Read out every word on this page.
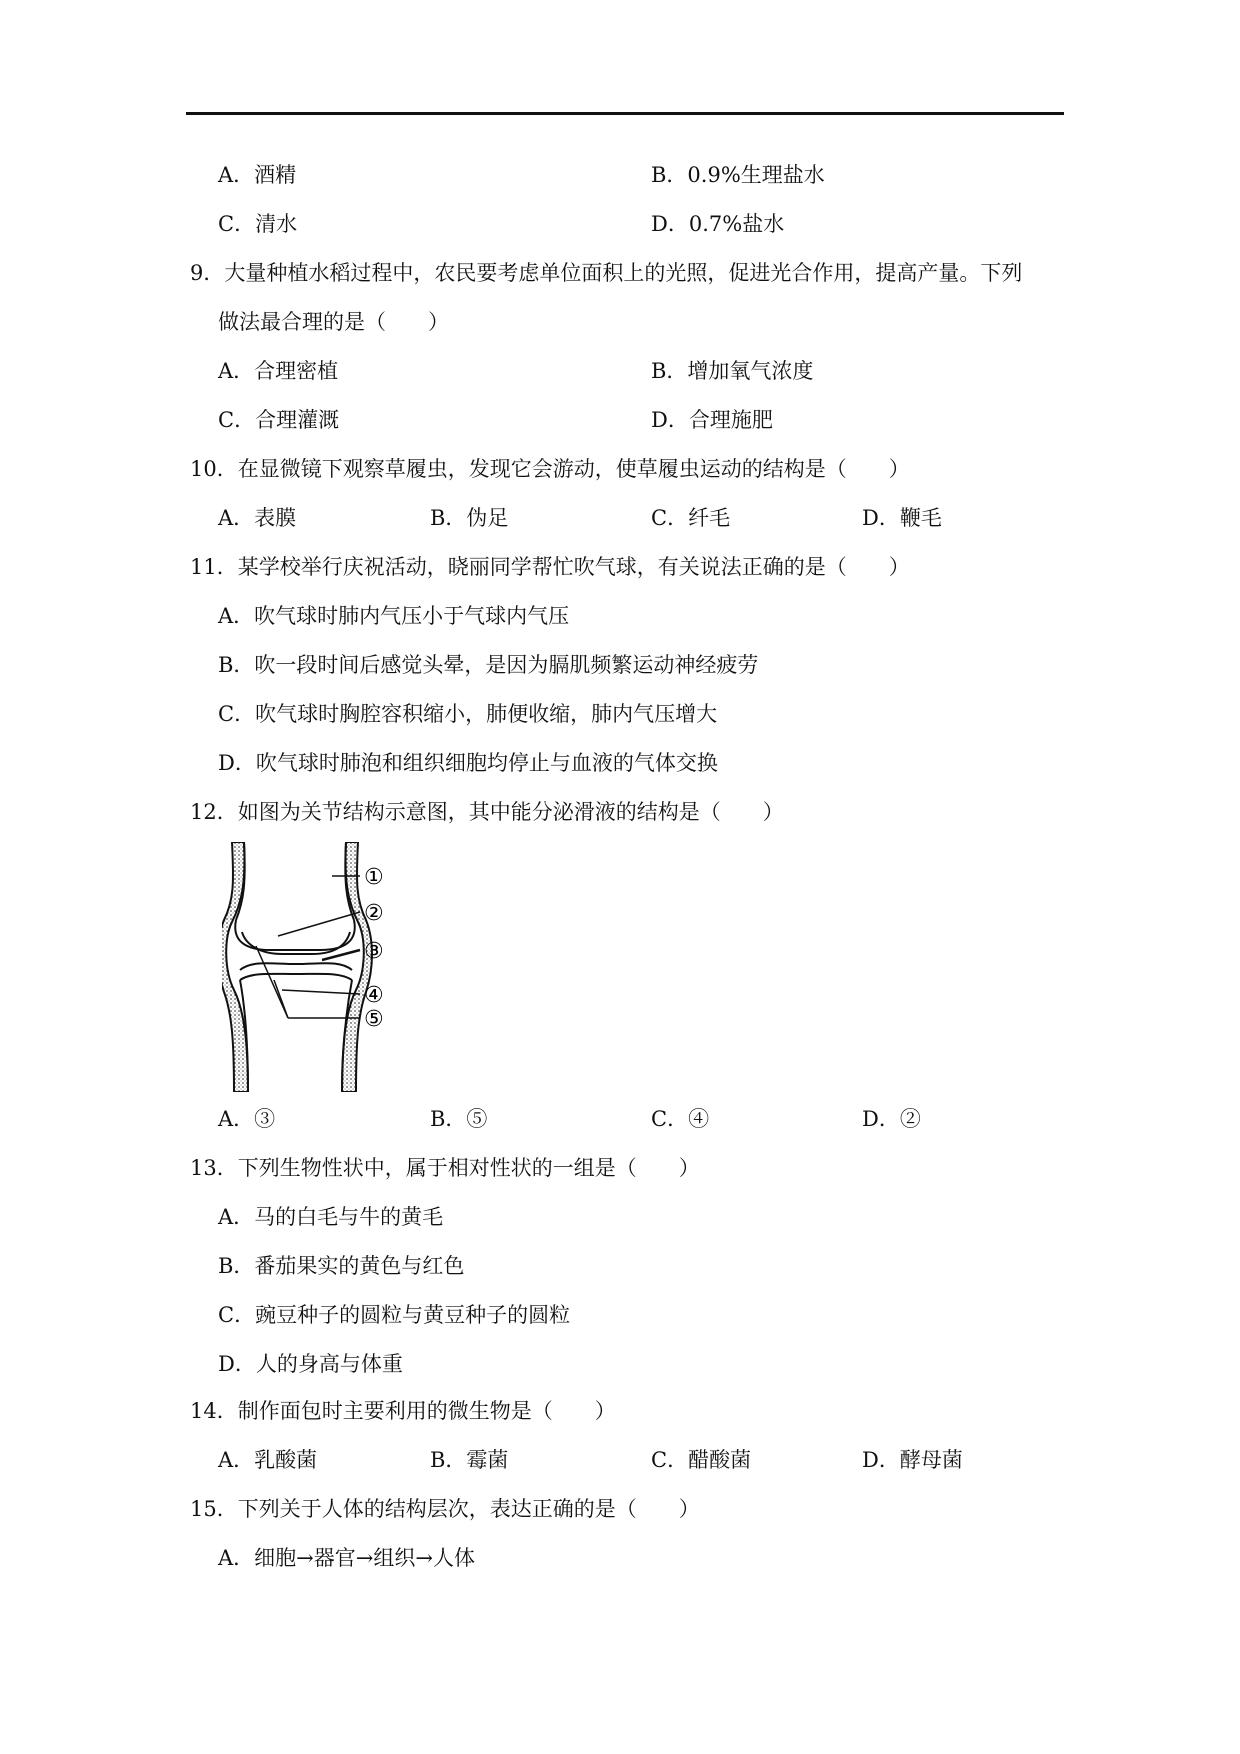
A．酒精	B．0.9%生理盐水
C．清水	D．0.7%盐水
9．大量种植水稻过程中，农民要考虑单位面积上的光照，促进光合作用，提高产量。下列
做法最合理的是（　　）
A．合理密植	B．增加氧气浓度
C．合理灌溉	D．合理施肥
10．在显微镜下观察草履虫，发现它会游动，使草履虫运动的结构是（　　）
A．表膜	B．伪足	C．纤毛	D．鞭毛
11．某学校举行庆祝活动，晓丽同学帮忙吹气球，有关说法正确的是（　　）
A．吹气球时肺内气压小于气球内气压
B．吹一段时间后感觉头晕，是因为膈肌频繁运动神经疲劳
C．吹气球时胸腔容积缩小，肺便收缩，肺内气压增大
D．吹气球时肺泡和组织细胞均停止与血液的气体交换
12．如图为关节结构示意图，其中能分泌滑液的结构是（　　）
①
②
③
④
⑤
A．③	B．⑤	C．④	D．②
13．下列生物性状中，属于相对性状的一组是（　　）
A．马的白毛与牛的黄毛
B．番茄果实的黄色与红色
C．豌豆种子的圆粒与黄豆种子的圆粒
D．人的身高与体重
14．制作面包时主要利用的微生物是（　　）
A．乳酸菌	B．霉菌	C．醋酸菌	D．酵母菌
15．下列关于人体的结构层次，表达正确的是（　　）
A．细胞→器官→组织→人体
